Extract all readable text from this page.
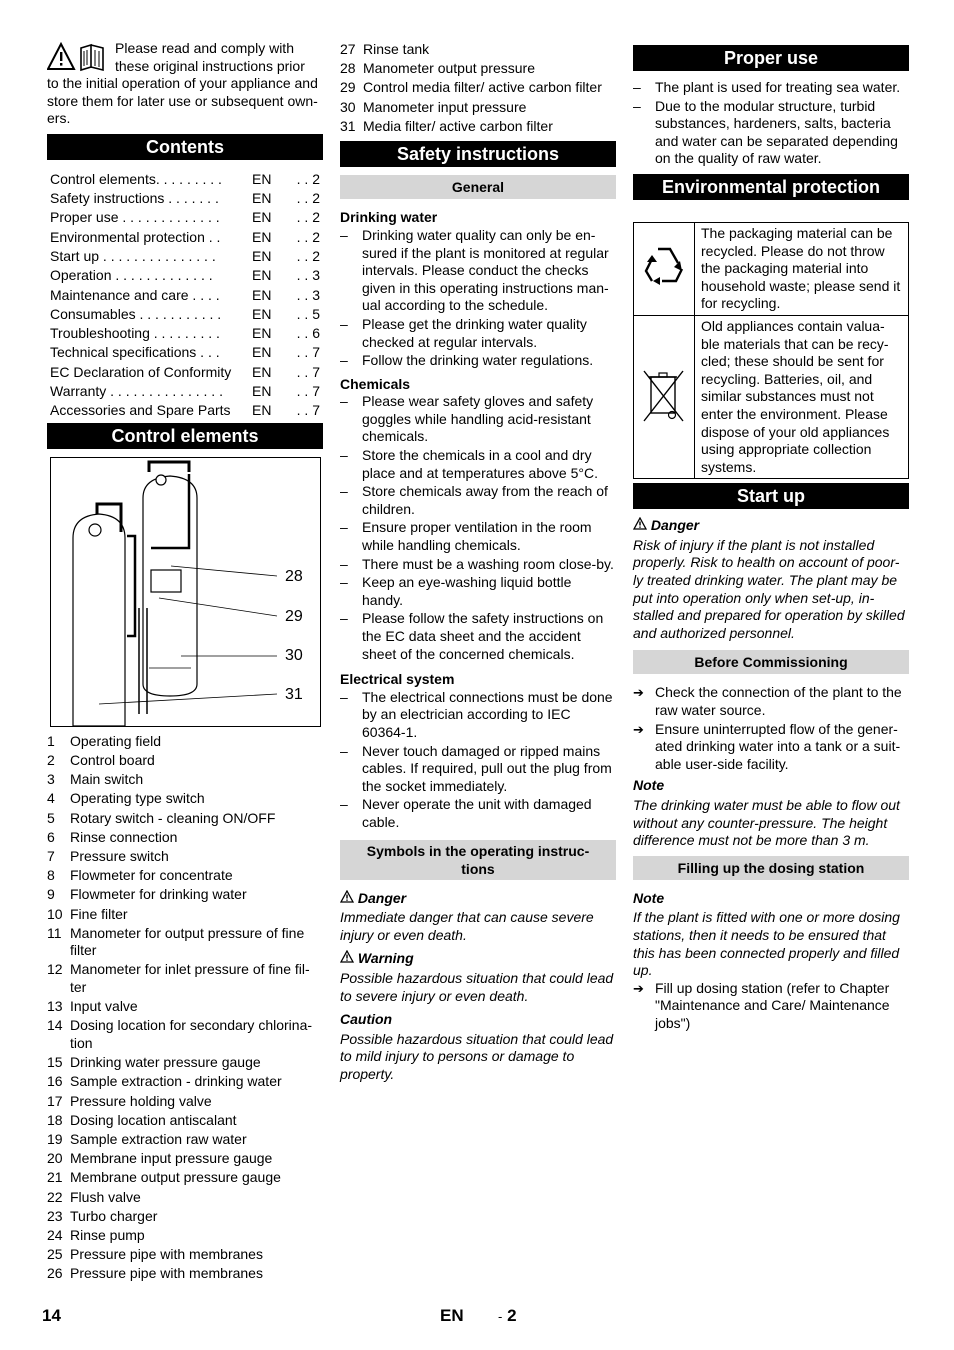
Please read and comply with
these original instructions prior
to the initial operation of your appliance and store them for later use or subsequent own-ers.
Contents
Control elements. . . . . . . . .	EN	. . 2
Safety instructions . . . . . . .	EN	. . 2
Proper use . . . . . . . . . . . . .	EN	. . 2
Environmental protection . .	EN	. . 2
Start up . . . . . . . . . . . . . . .	EN	. . 2
Operation . . . . . . . . . . . . .	EN	. . 3
Maintenance and care . . . .	EN	. . 3
Consumables . . . . . . . . . . .	EN	. . 5
Troubleshooting . . . . . . . . .	EN	. . 6
Technical specifications . . .	EN	. . 7
EC Declaration of Conformity	EN	. . 7
Warranty . . . . . . . . . . . . . . .	EN	. . 7
Accessories and Spare Parts	EN	. . 7
Control elements
28
29
30
31
1 Operating field
2 Control board
3 Main switch
4 Operating type switch
5 Rotary switch - cleaning ON/OFF
6 Rinse connection
7 Pressure switch
8 Flowmeter for concentrate
9 Flowmeter for drinking water
10 Fine filter
11 Manometer for output pressure of fine filter
12 Manometer for inlet pressure of fine fil-ter
13 Input valve
14 Dosing location for secondary chlorina-tion
15 Drinking water pressure gauge
16 Sample extraction - drinking water
17 Pressure holding valve
18 Dosing location antiscalant
19 Sample extraction raw water
20 Membrane input pressure gauge
21 Membrane output pressure gauge
22 Flush valve
23 Turbo charger
24 Rinse pump
25 Pressure pipe with membranes
26 Pressure pipe with membranes
27 Rinse tank
28 Manometer output pressure
29 Control media filter/ active carbon filter
30 Manometer input pressure
31 Media filter/ active carbon filter
Safety instructions
General
Drinking water
– Drinking water quality can only be en-sured if the plant is monitored at regular intervals. Please conduct the checks given in this operating instructions man-ual according to the schedule.
– Please get the drinking water quality checked at regular intervals.
– Follow the drinking water regulations.
Chemicals
– Please wear safety gloves and safety goggles while handling acid-resistant chemicals.
– Store the chemicals in a cool and dry place and at temperatures above 5°C.
– Store chemicals away from the reach of children.
– Ensure proper ventilation in the room while handling chemicals.
– There must be a washing room close-by.
– Keep an eye-washing liquid bottle handy.
– Please follow the safety instructions on the EC data sheet and the accident sheet of the concerned chemicals.
Electrical system
– The electrical connections must be done by an electrician according to IEC 60364-1.
– Never touch damaged or ripped mains cables. If required, pull out the plug from the socket immediately.
– Never operate the unit with damaged cable.
Symbols in the operating instruc-tions
Danger
Immediate danger that can cause severe injury or even death.
Warning
Possible hazardous situation that could lead to severe injury or even death.
Caution
Possible hazardous situation that could lead to mild injury to persons or damage to property.
Proper use
– The plant is used for treating sea water.
– Due to the modular structure, turbid substances, hardeners, salts, bacteria and water can be separated depending on the quality of raw water.
Environmental protection
	The packaging material can be recycled. Please do not throw the packaging material into household waste; please send it for recycling.
	Old appliances contain valua-ble materials that can be recy-cled; these should be sent for recycling. Batteries, oil, and similar substances must not enter the environment. Please dispose of your old appliances using appropriate collection systems.
Start up
Danger
Risk of injury if the plant is not installed properly. Risk to health on account of poor-ly treated drinking water. The plant may be put into operation only when set-up, in-stalled and prepared for operation by skilled and authorized personnel.
Before Commissioning
➔ Check the connection of the plant to the raw water source.
➔ Ensure uninterrupted flow of the gener-ated drinking water into a tank or a suit-able user-side facility.
Note
The drinking water must be able to flow out without any counter-pressure. The height difference must not be more than 3 m.
Filling up the dosing station
Note
If the plant is fitted with one or more dosing stations, then it needs to be ensured that this has been connected properly and filled up.
➔ Fill up dosing station (refer to Chapter "Maintenance and Care/ Maintenance jobs")
14	EN	- 2
